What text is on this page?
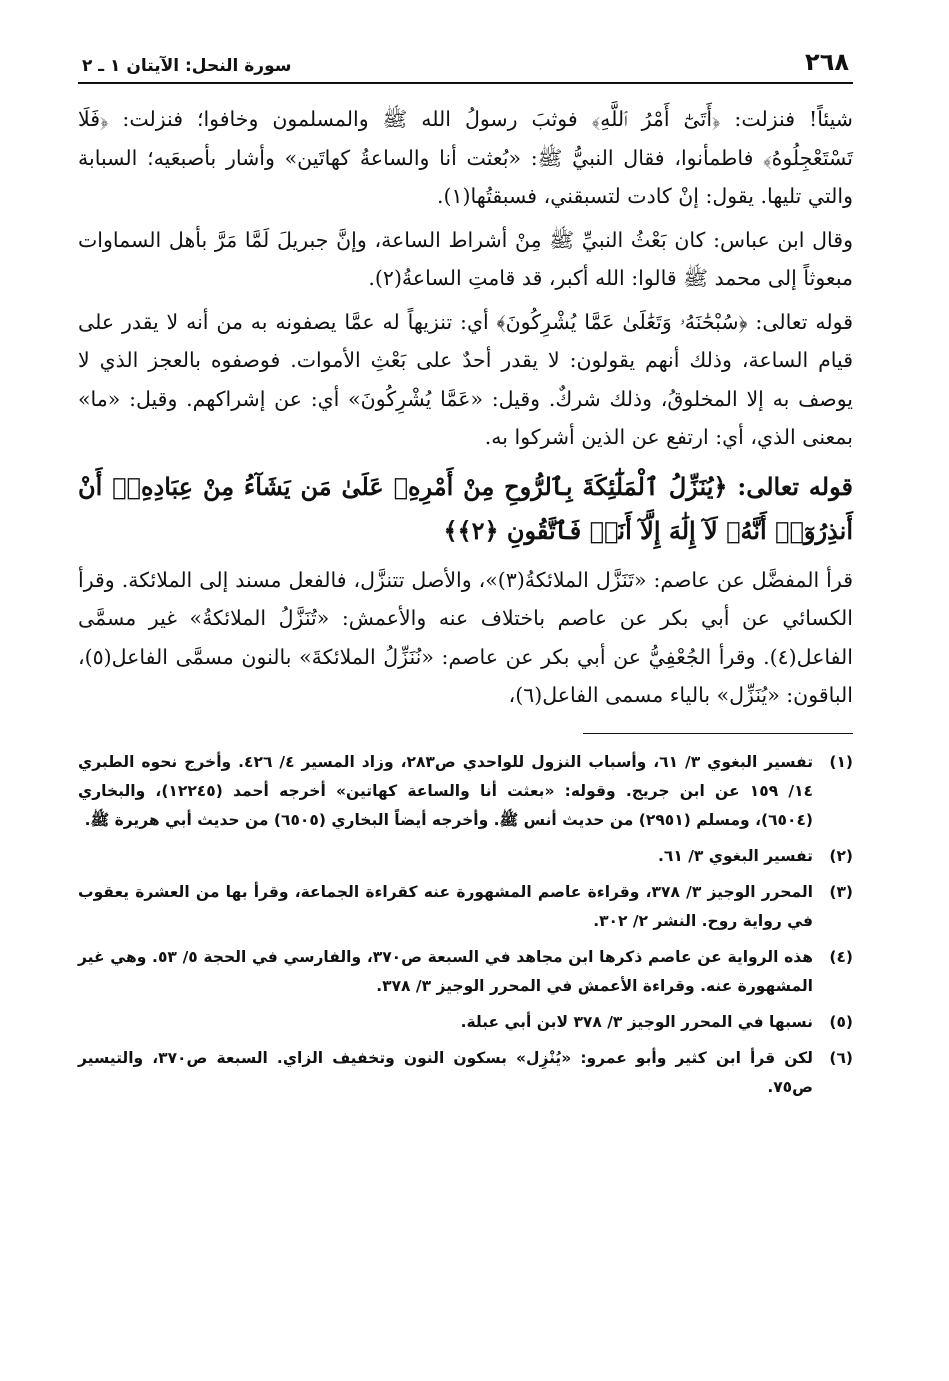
٢٦٨
سورة النحل: الآيتان ١ ـ ٢

شيئاً! فنزلت: ﴿أَتَىٰٓ أَمْرُ ٱللَّهِ﴾ فوثبَ رسولُ الله ﷺ والمسلمون وخافوا؛ فنزلت: ﴿فَلَا تَسْتَعْجِلُوهُ﴾ فاطمأنوا، فقال النبيُّ ﷺ: «بُعثت أنا والساعةُ كهاتَين» وأشار بأصبعَيه؛ السبابة والتي تليها. يقول: إنْ كادت لتسبقني، فسبقتُها(١).

وقال ابن عباس: كان بَعْثُ النبيِّ ﷺ مِنْ أشراط الساعة، وإنَّ جبريلَ لَمَّا مَرَّ بأهل السماوات مبعوثاً إلى محمد ﷺ قالوا: الله أكبر، قد قامتِ الساعةُ(٢).

قوله تعالى: ﴿سُبْحَٰنَهُۥ وَتَعَٰلَىٰ عَمَّا يُشْرِكُونَ﴾ أي: تنزيهاً له عمَّا يصفونه به من أنه لا يقدر على قيام الساعة، وذلك أنهم يقولون: لا يقدر أحدٌ على بَعْثِ الأموات. فوصفوه بالعجز الذي لا يوصف به إلا المخلوقُ، وذلك شركٌ. وقيل: «عَمَّا يُشْرِكُونَ» أي: عن إشراكهم. وقيل: «ما» بمعنى الذي، أي: ارتفع عن الذين أشركوا به.

قوله تعالى: ﴿يُنَزِّلُ ٱلْمَلَٰٓئِكَةَ بِٱلرُّوحِ مِنْ أَمْرِهِۦ عَلَىٰ مَن يَشَآءُ مِنْ عِبَادِهِۦٓ أَنْ أَنذِرُوٓا۟ أَنَّهُۥ لَآ إِلَٰهَ إِلَّآ أَنَا۠ فَٱتَّقُونِ ﴿٢﴾﴾

قرأ المفضَّل عن عاصم: «تَنَزَّل الملائكةُ(٣)»، والأصل تتنزَّل، فالفعل مسند إلى الملائكة. وقرأ الكسائي عن أبي بكر عن عاصم باختلاف عنه والأعمش: «تُنَزَّلُ الملائكةُ» غير مسمَّى الفاعل(٤). وقرأ الجُعْفِيُّ عن أبي بكر عن عاصم: «نُنَزِّلُ الملائكةَ» بالنون مسمَّى الفاعل(٥)، الباقون: «يُنَزِّل» بالياء مسمى الفاعل(٦)،

(١)
تفسير البغوي ٣/ ٦١، وأسباب النزول للواحدي ص٢٨٣، وزاد المسير ٤/ ٤٢٦. وأخرج نحوه الطبري ١٤/ ١٥٩ عن ابن جريج. وقوله: «بعثت أنا والساعة كهاتين» أخرجه أحمد (١٢٢٤٥)، والبخاري (٦٥٠٤)، ومسلم (٢٩٥١) من حديث أنس ﷺ. وأخرجه أيضاً البخاري (٦٥٠٥) من حديث أبي هريرة ﷺ.
(٢)
تفسير البغوي ٣/ ٦١.
(٣)
المحرر الوجيز ٣/ ٣٧٨، وقراءة عاصم المشهورة عنه كقراءة الجماعة، وقرأ بها من العشرة يعقوب في رواية روح. النشر ٢/ ٣٠٢.
(٤)
هذه الرواية عن عاصم ذكرها ابن مجاهد في السبعة ص٣٧٠، والفارسي في الحجة ٥/ ٥٣. وهي غير المشهورة عنه. وقراءة الأعمش في المحرر الوجيز ٣/ ٣٧٨.
(٥)
نسبها في المحرر الوجيز ٣/ ٣٧٨ لابن أبي عبلة.
(٦)
لكن قرأ ابن كثير وأبو عمرو: «يُنْزِل» بسكون النون وتخفيف الزاي. السبعة ص٣٧٠، والتيسير ص٧٥.
